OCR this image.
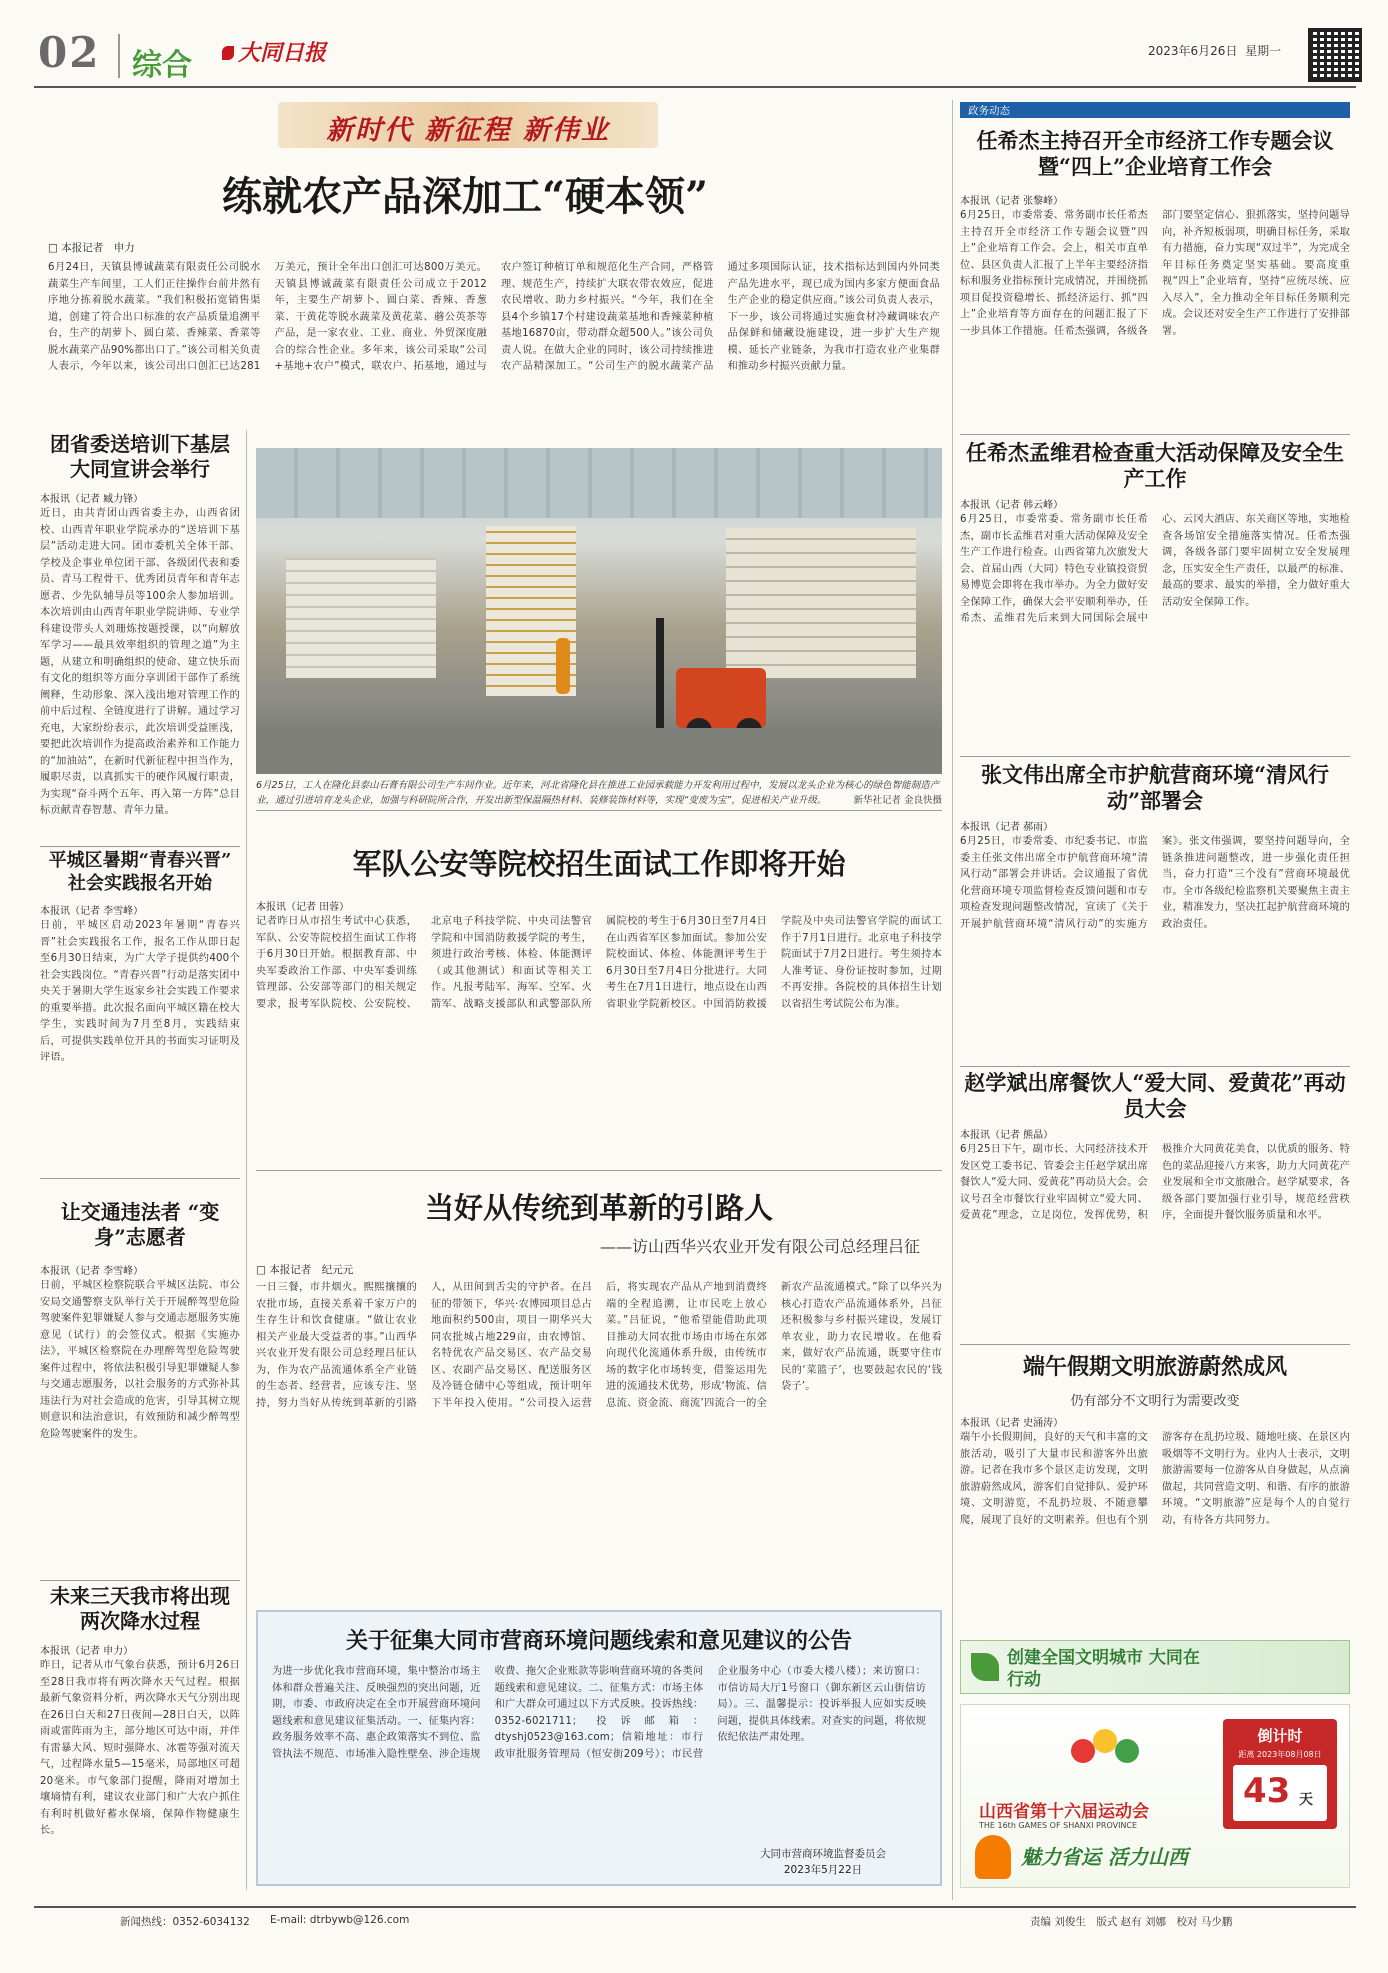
02 综合	大同日报	2023年6月26日 星期一
新时代 新征程 新伟业
练就农产品深加工“硬本领”
□ 本报记者　申力
6月24日，天镇县博诚蔬菜有限责任公司脱水蔬菜生产车间里，工人们正往操作台前井然有序地分拣着脱水蔬菜。“我们积极拓宽销售渠道，创建了符合出口标准的农产品质量追溯平台，生产的胡萝卜、圆白菜、香辣菜、香菜等脱水蔬菜产品90%都出口了。”该公司相关负责人表示，今年以来，该公司出口创汇已达281万美元，预计全年出口创汇可达800万美元。天镇县博诚蔬菜有限责任公司成立于2012年，主要生产胡萝卜、圆白菜、香辣、香葱菜、干黄花等脱水蔬菜及黄花菜、蘑公英茶等产品，是一家农业、工业、商业、外贸深度融合的综合性企业。多年来，该公司采取“公司+基地+农户”模式，联农户、拓基地，通过与农户签订种植订单和规范化生产合同，严格管理、规范生产，持续扩大联农带农效应，促进农民增收、助力乡村振兴。“今年，我们在全县4个乡镇17个村建设蔬菜基地和香辣菜种植基地16870亩，带动群众超500人。”该公司负责人说。在做大企业的同时，该公司持续推进农产品精深加工。“公司生产的脱水蔬菜产品通过多项国际认证，技术指标达到国内外同类产品先进水平，现已成为国内多家方便面食品生产企业的稳定供应商。”该公司负责人表示，下一步，该公司将通过实施食材冷藏调味农产品保鲜和储藏设施建设，进一步扩大生产规模、延长产业链条，为我市打造农业产业集群和推动乡村振兴贡献力量。
6月25日，工人在隆化县泰山石膏有限公司生产车间作业。近年来，河北省隆化县在推进工业园承载能力开发利用过程中，发展以龙头企业为核心的绿色智能制造产业，通过引进培育龙头企业，加强与科研院所合作，开发出新型保温隔热材料、装修装饰材料等，实现“变废为宝”，促进相关产业升级。	新华社记者 金良快摄
团省委送培训下基层 大同宣讲会举行
本报讯（记者 臧力锋）
近日，由共青团山西省委主办，山西省团校、山西青年职业学院承办的“送培训下基层”活动走进大同。团市委机关全体干部、学校及企事业单位团干部、各级团代表和委员、青马工程骨干、优秀团员青年和青年志愿者、少先队辅导员等100余人参加培训。本次培训由山西青年职业学院讲师、专业学科建设带头人刘珊炼按题授课，以“向解放军学习——最具效率组织的管理之道”为主题，从建立和明确组织的使命、建立快乐而有文化的组织等方面分享训团干部作了系统阐释，生动形象、深入浅出地对管理工作的前中后过程、全链度进行了讲解。通过学习充电，大家纷纷表示，此次培训受益匪浅，要把此次培训作为提高政治素养和工作能力的“加油站”，在新时代新征程中担当作为，履职尽责，以真抓实干的硬作风履行职责，为实现“奋斗两个五年、再入第一方阵”总目标贡献青春智慧、青年力量。
平城区暑期“青春兴晋” 社会实践报名开始
本报讯（记者 李雪峰）
日前，平城区启动2023年暑期“青春兴晋”社会实践报名工作，报名工作从即日起至6月30日结束，为广大学子提供约400个社会实践岗位。“青春兴晋”行动是落实团中央关于暑期大学生返家乡社会实践工作要求的重要举措。此次报名面向平城区籍在校大学生，实践时间为7月至8月，实践结束后，可提供实践单位开具的书面实习证明及评语。
让交通违法者 “变身”志愿者
本报讯（记者 李雪峰）
日前，平城区检察院联合平城区法院、市公安局交通警察支队举行关于开展醉驾型危险驾驶案件犯罪嫌疑人参与交通志愿服务实施意见（试行）的会签仪式。根据《实施办法》，平城区检察院在办理醉驾型危险驾驶案件过程中，将依法积极引导犯罪嫌疑人参与交通志愿服务，以社会服务的方式弥补其违法行为对社会造成的危害，引导其树立规则意识和法治意识，有效预防和减少醉驾型危险驾驶案件的发生。
未来三天我市将出现 两次降水过程
本报讯（记者 申力）
昨日，记者从市气象台获悉，预计6月26日至28日我市将有两次降水天气过程。根据最新气象资料分析，两次降水天气分别出现在26日白天和27日夜间—28日白天，以阵雨或雷阵雨为主，部分地区可达中雨，并伴有雷暴大风、短时强降水、冰雹等强对流天气，过程降水量5—15毫米，局部地区可超20毫米。市气象部门提醒，降雨对增加土壤墒情有利，建议农业部门和广大农户抓住有利时机做好蓄水保墒，保障作物健康生长。
军队公安等院校招生面试工作即将开始
本报讯（记者 田蓉）
记者昨日从市招生考试中心获悉，军队、公安等院校招生面试工作将于6月30日开始。根据教育部、中央军委政治工作部、中央军委训练管理部、公安部等部门的相关规定要求，报考军队院校、公安院校、北京电子科技学院、中央司法警官学院和中国消防救援学院的考生，须进行政治考核、体检、体能测评（或其他测试）和面试等相关工作。凡报考陆军、海军、空军、火箭军、战略支援部队和武警部队所属院校的考生于6月30日至7月4日在山西省军区参加面试。参加公安院校面试、体检、体能测评考生于6月30日至7月4日分批进行。大同考生在7月1日进行，地点设在山西省职业学院新校区。中国消防救援学院及中央司法警官学院的面试工作于7月1日进行。北京电子科技学院面试于7月2日进行。考生须持本人准考证、身份证按时参加，过期不再安排。各院校的具体招生计划以省招生考试院公布为准。
当好从传统到革新的引路人
——访山西华兴农业开发有限公司总经理吕征
□ 本报记者　纪元元
一日三餐，市井烟火。熙熙攘攘的农批市场，直接关系着千家万户的生存生计和饮食健康。“做让农业相关产业最大受益者的事。”山西华兴农业开发有限公司总经理吕征认为，作为农产品流通体系全产业链的生态者、经营者，应该专注、坚持，努力当好从传统到革新的引路人，从田间到舌尖的守护者。在吕征的带领下，华兴·农博园项目总占地面积约500亩，项目一期华兴大同农批城占地229亩，由农博馆、名特优农产品交易区、农产品交易区、农副产品交易区、配送服务区及冷链仓储中心等组成，预计明年下半年投入使用。“公司投入运营后，将实现农产品从产地到消费终端的全程追溯，让市民吃上放心菜。”吕征说，“他希望能借助此项目推动大同农批市场由市场在东郊向现代化流通体系升级，由传统市场的数字化市场转变，借鉴运用先进的流通技术优势，形成‘物流、信息流、资金流、商流’四流合一的全新农产品流通模式。”除了以华兴为核心打造农产品流通体系外，吕征还积极参与乡村振兴建设，发展订单农业，助力农民增收。在他看来，做好农产品流通，既要守住市民的‘菜篮子’，也要鼓起农民的‘钱袋子’。
关于征集大同市营商环境问题线索和意见建议的公告
为进一步优化我市营商环境，集中整治市场主体和群众普遍关注、反映强烈的突出问题，近期，市委、市政府决定在全市开展营商环境问题线索和意见建议征集活动。一、征集内容：政务服务效率不高、惠企政策落实不到位、监管执法不规范、市场准入隐性壁垒、涉企违规收费、拖欠企业账款等影响营商环境的各类问题线索和意见建议。二、征集方式：市场主体和广大群众可通过以下方式反映。投诉热线：0352-6021711；投诉邮箱：dtyshj0523@163.com；信箱地址：市行政审批服务管理局（恒安街209号）；市民营企业服务中心（市委大楼八楼）；来访窗口：市信访局大厅1号窗口（御东新区云山街信访局）。三、温馨提示：投诉举报人应如实反映问题，提供具体线索。对查实的问题，将依规依纪依法严肃处理。
大同市营商环境监督委员会
2023年5月22日
政务动态
任希杰主持召开全市经济工作专题会议暨“四上”企业培育工作会
本报讯（记者 张黎峰）
6月25日，市委常委、常务副市长任希杰主持召开全市经济工作专题会议暨“四上”企业培育工作会。会上，相关市直单位、县区负责人汇报了上半年主要经济指标和服务业指标预计完成情况，并围绕抓项目促投资稳增长、抓经济运行、抓“四上”企业培育等方面存在的问题汇报了下一步具体工作措施。任希杰强调，各级各部门要坚定信心、狠抓落实，坚持问题导向，补齐短板弱项，明确目标任务，采取有力措施，奋力实现“双过半”，为完成全年目标任务奠定坚实基础。要高度重视“四上”企业培育，坚持“应统尽统、应入尽入”，全力推动全年目标任务顺利完成。会议还对安全生产工作进行了安排部署。
任希杰孟维君检查重大活动保障及安全生产工作
本报讯（记者 韩云峰）
6月25日，市委常委、常务副市长任希杰，副市长孟维君对重大活动保障及安全生产工作进行检查。山西省第九次旅发大会、首届山西（大同）特色专业镇投资贸易博览会即将在我市举办。为全力做好安全保障工作，确保大会平安顺利举办，任希杰、孟维君先后来到大同国际会展中心、云冈大酒店、东关商区等地，实地检查各场馆安全措施落实情况。任希杰强调，各级各部门要牢固树立安全发展理念，压实安全生产责任，以最严的标准、最高的要求、最实的举措，全力做好重大活动安全保障工作。
张文伟出席全市护航营商环境“清风行动”部署会
本报讯（记者 郝雨）
6月25日，市委常委、市纪委书记、市监委主任张文伟出席全市护航营商环境“清风行动”部署会并讲话。会议通报了省优化营商环境专项监督检查反馈问题和市专项检查发现问题整改情况，宣读了《关于开展护航营商环境“清风行动”的实施方案》。张文伟强调，要坚持问题导向，全链条推进问题整改，进一步强化责任担当，奋力打造“三个没有”营商环境最优市。全市各级纪检监察机关要聚焦主责主业，精准发力，坚决扛起护航营商环境的政治责任。
赵学斌出席餐饮人“爱大同、爱黄花”再动员大会
本报讯（记者 熊晶）
6月25日下午，副市长、大同经济技术开发区党工委书记、管委会主任赵学斌出席餐饮人“爱大同、爱黄花”再动员大会。会议号召全市餐饮行业牢固树立“爱大同、爱黄花”理念，立足岗位，发挥优势，积极推介大同黄花美食，以优质的服务、特色的菜品迎接八方来客，助力大同黄花产业发展和全市文旅融合。赵学斌要求，各级各部门要加强行业引导，规范经营秩序，全面提升餐饮服务质量和水平。
端午假期文明旅游蔚然成风
仍有部分不文明行为需要改变
本报讯（记者 史涌涛）
端午小长假期间，良好的天气和丰富的文旅活动，吸引了大量市民和游客外出旅游。记者在我市多个景区走访发现，文明旅游蔚然成风，游客们自觉排队、爱护环境、文明游览，不乱扔垃圾、不随意攀爬，展现了良好的文明素养。但也有个别游客存在乱扔垃圾、随地吐痰、在景区内吸烟等不文明行为。业内人士表示，文明旅游需要每一位游客从自身做起，从点滴做起，共同营造文明、和谐、有序的旅游环境。“文明旅游”应是每个人的自觉行动，有待各方共同努力。
创建全国文明城市 大同在行动
山西省第十六届运动会
THE 16th GAMES OF SHANXI PROVINCE
魅力省运 活力山西
倒计时
距离 2023年08月08日
43 天
新闻热线：0352-6034132 E-mail: dtrbywb@126.com	责编 刘俊生　版式 赵有 刘娜　校对 马少鹏
